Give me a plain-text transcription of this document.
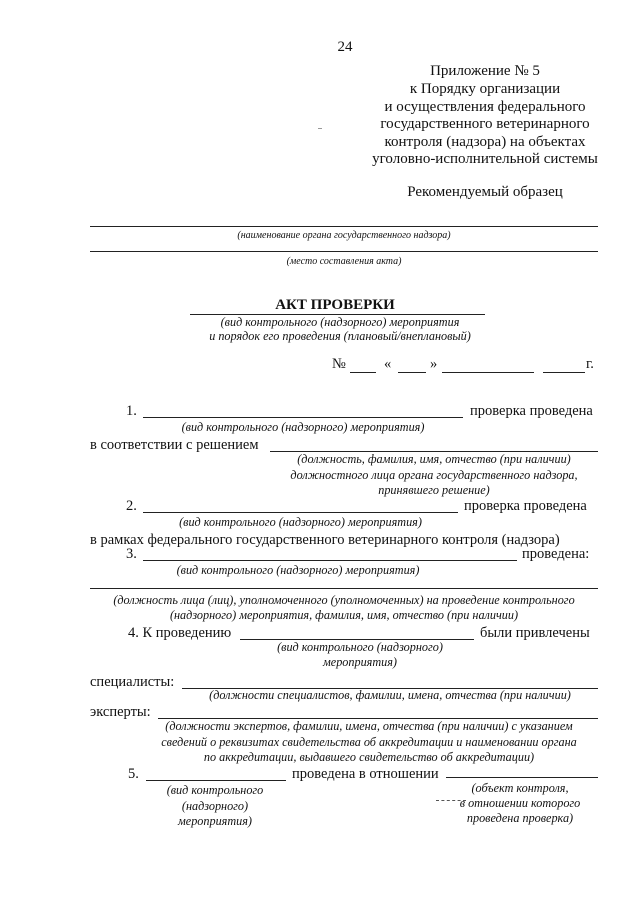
24
Приложение № 5
к Порядку организации
и осуществления федерального
государственного ветеринарного
контроля (надзора) на объектах
уголовно-исполнительной системы
Рекомендуемый образец
(наименование органа государственного надзора)
(место составления акта)
АКТ ПРОВЕРКИ
(вид контрольного (надзорного) мероприятия
и порядок его проведения (плановый/внеплановый)
№	«	»	г.
1.	проверка проведена
(вид контрольного (надзорного) мероприятия)
в соответствии с решением
(должность, фамилия, имя, отчество (при наличии)
должностного лица органа государственного надзора,
принявшего решение)
2.	проверка проведена
(вид контрольного (надзорного) мероприятия)
в рамках федерального государственного ветеринарного контроля (надзора)
3.	проведена:
(вид контрольного (надзорного) мероприятия)
(должность лица (лиц), уполномоченного (уполномоченных) на проведение контрольного
(надзорного) мероприятия, фамилия, имя, отчество (при наличии)
4. К проведению	были привлечены
(вид контрольного (надзорного)
мероприятия)
специалисты:
(должности специалистов, фамилии, имена, отчества (при наличии)
эксперты:
(должности экспертов, фамилии, имена, отчества (при наличии) с указанием
сведений о реквизитах свидетельства об аккредитации и наименовании органа
по аккредитации, выдавшего свидетельство об аккредитации)
5.	проведена в отношении
(вид контрольного
(надзорного)
мероприятия)
(объект контроля,
в отношении которого
проведена проверка)
